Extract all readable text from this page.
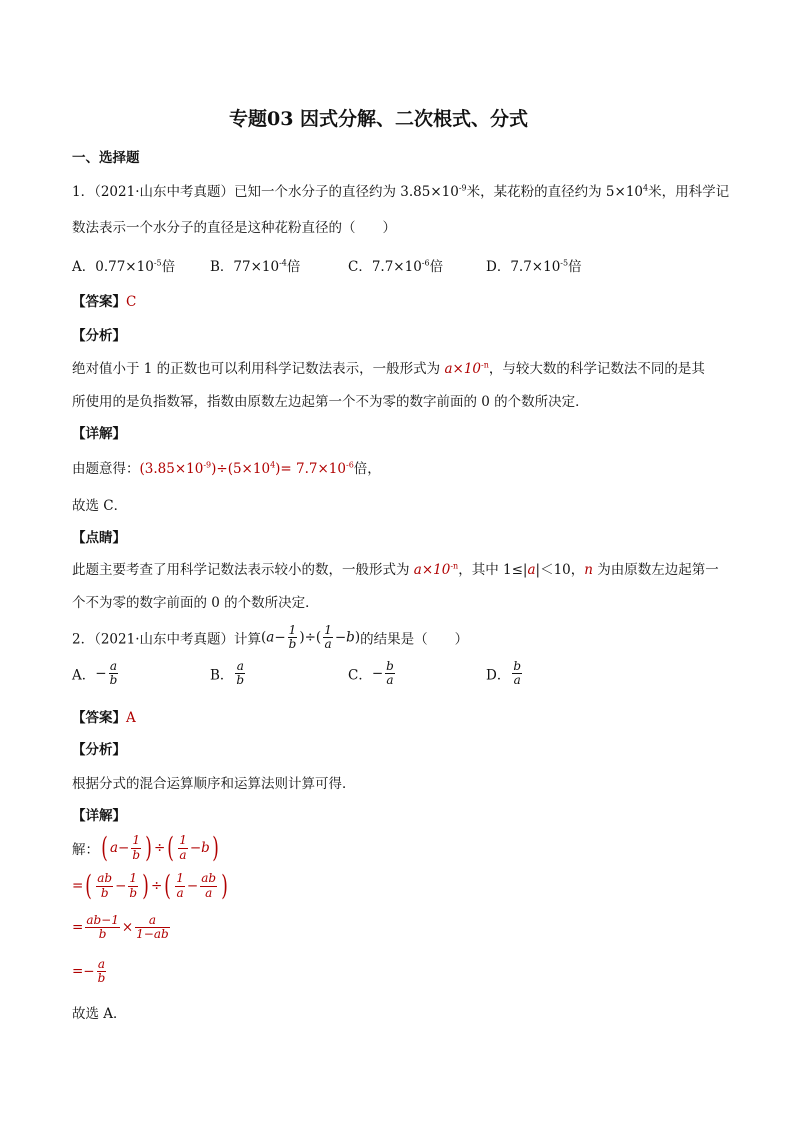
专题03 因式分解、二次根式、分式
一、选择题
1．（2021·山东中考真题）已知一个水分子的直径约为 $3.85\times 10^{-9}$米，某花粉的直径约为 $5\times 10^4$米，用科学记
数法表示一个水分子的直径是这种花粉直径的（　　）
A．$0.77\times 10^{-5}$倍	B．$77\times 10^{-4}$倍	C．$7.7\times 10^{-6}$倍	D．$7.7\times 10^{-5}$倍
【答案】C
【分析】
绝对值小于 1 的正数也可以利用科学记数法表示，一般形式为 $a\times 10^{-n}$，与较大数的科学记数法不同的是其
所使用的是负指数幂，指数由原数左边起第一个不为零的数字前面的 0 的个数所决定．
【详解】
由题意得：$(3.85\times 10^{-9})\div(5\times 10^4)= 7.7\times 10^{-6}$倍，
故选 C．
【点睛】
此题主要考查了用科学记数法表示较小的数，一般形式为 $a\times 10^{-n}$，其中 1≤|a|＜10，n 为由原数左边起第一
个不为零的数字前面的 0 的个数所决定．
2．（2021·山东中考真题）计算($a- \frac{1}{b}$ )÷( $\frac{1}{a} -b$)的结果是（　　）
A．− $\frac{a}{b}$	B． $\frac{a}{b}$	C．− $\frac{b}{a}$	D． $\frac{b}{a}$
【答案】A
【分析】
根据分式的混合运算顺序和运算法则计算可得．
【详解】
解：( $a- \frac{1}{b}$ ) ÷( $\frac{1}{a} -b$)
=( $\frac{ab}{b} - \frac{1}{b}$ ) ÷( $\frac{1}{a} - \frac{ab}{a}$ )
= $\frac{ab-1}{b} \times \frac{a}{1-ab}$
=− $\frac{a}{b}$
故选 A．
